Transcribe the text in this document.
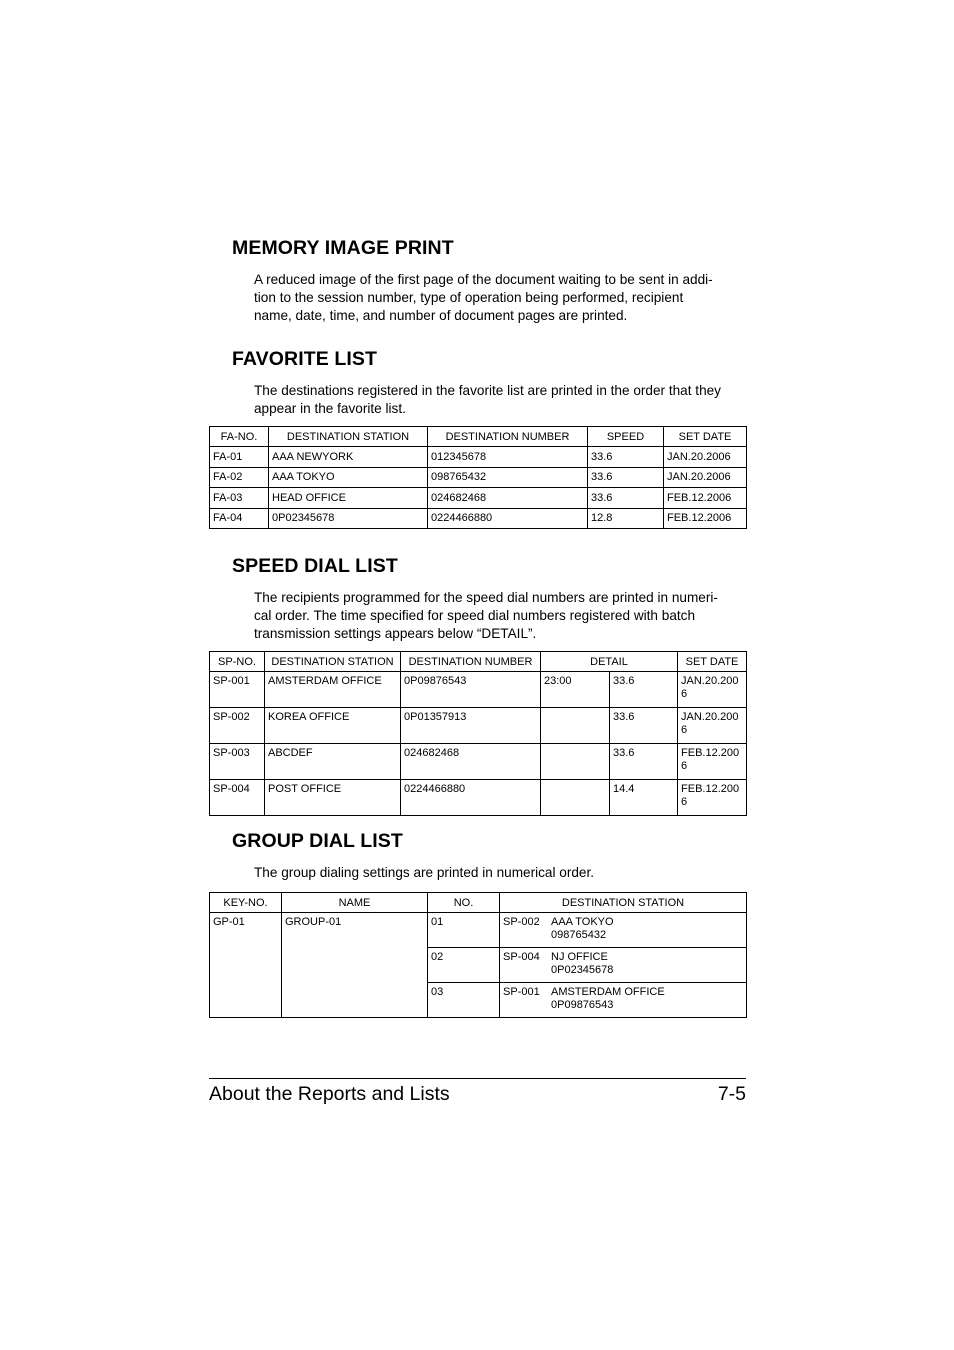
MEMORY IMAGE PRINT

A reduced image of the first page of the document waiting to be sent in addi-
tion to the session number, type of operation being performed, recipient
name, date, time, and number of document pages are printed.

FAVORITE LIST

The destinations registered in the favorite list are printed in the order that they
appear in the favorite list.

FA-NO.	DESTINATION STATION	DESTINATION NUMBER	SPEED	SET DATE
FA-01	AAA NEWYORK	012345678	33.6	JAN.20.2006
FA-02	AAA TOKYO	098765432	33.6	JAN.20.2006
FA-03	HEAD OFFICE	024682468	33.6	FEB.12.2006
FA-04	0P02345678	0224466880	12.8	FEB.12.2006
SPEED DIAL LIST

The recipients programmed for the speed dial numbers are printed in numeri-
cal order. The time specified for speed dial numbers registered with batch
transmission settings appears below “DETAIL”.

SP-NO.	DESTINATION STATION	DESTINATION NUMBER	DETAIL		SET DATE
SP-001	AMSTERDAM OFFICE	0P09876543	23:00	33.6	JAN.20.2006
SP-002	KOREA OFFICE	0P01357913		33.6	JAN.20.2006
SP-003	ABCDEF	024682468		33.6	FEB.12.2006
SP-004	POST OFFICE	0224466880		14.4	FEB.12.2006
GROUP DIAL LIST

The group dialing settings are printed in numerical order.

KEY-NO.	NAME	NO.	DESTINATION STATION
GP-01	GROUP-01	01	SP-002 AAA TOKYO
098765432

		02	SP-004 NJ OFFICE
0P02345678

		03	SP-001 AMSTERDAM OFFICE
0P09876543
About the Reports and Lists	7-5
